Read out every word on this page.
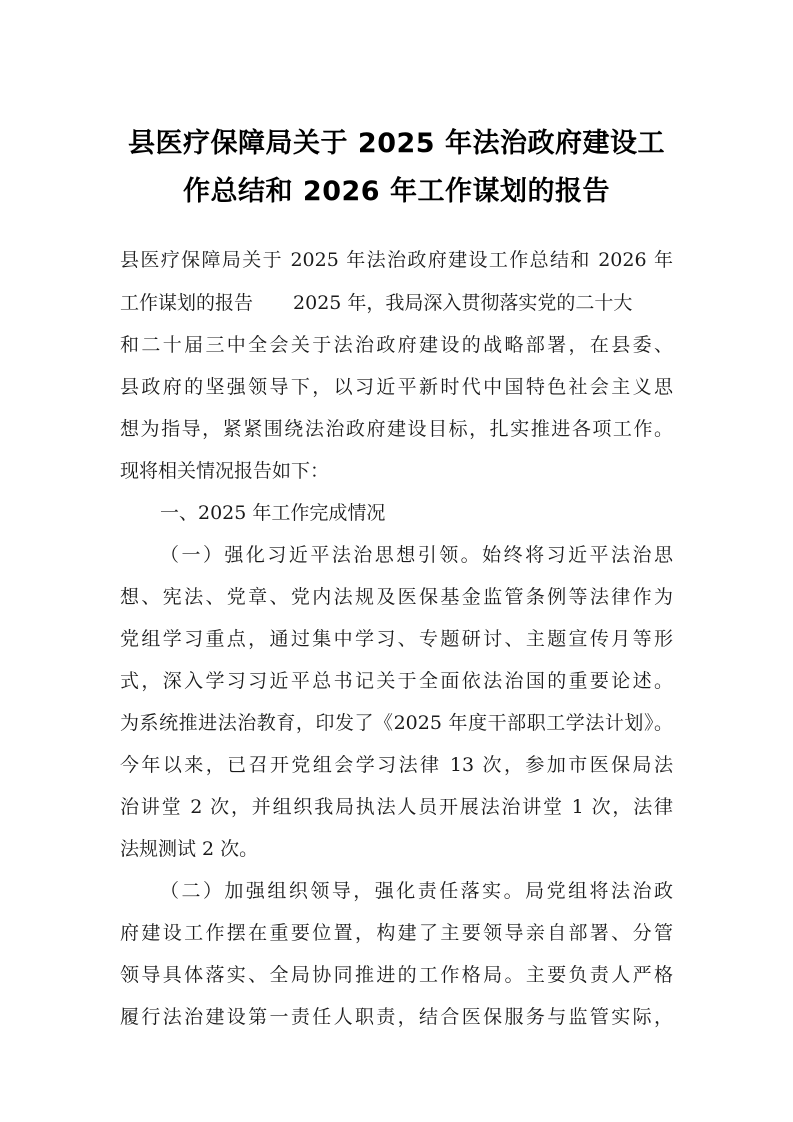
县医疗保障局关于 2025 年法治政府建设工
作总结和 2026 年工作谋划的报告
县医疗保障局关于 2025 年法治政府建设工作总结和 2026 年
工作谋划的报告 2025 年，我局深入贯彻落实党的二十大
和二十届三中全会关于法治政府建设的战略部署，在县委、
县政府的坚强领导下，以习近平新时代中国特色社会主义思
想为指导，紧紧围绕法治政府建设目标，扎实推进各项工作。
现将相关情况报告如下：
一、2025 年工作完成情况
（一）强化习近平法治思想引领。始终将习近平法治思
想、宪法、党章、党内法规及医保基金监管条例等法律作为
党组学习重点，通过集中学习、专题研讨、主题宣传月等形
式，深入学习习近平总书记关于全面依法治国的重要论述。
为系统推进法治教育，印发了《2025 年度干部职工学法计划》。
今年以来，已召开党组会学习法律 13 次，参加市医保局法
治讲堂 2 次，并组织我局执法人员开展法治讲堂 1 次，法律
法规测试 2 次。
（二）加强组织领导，强化责任落实。局党组将法治政
府建设工作摆在重要位置，构建了主要领导亲自部署、分管
领导具体落实、全局协同推进的工作格局。主要负责人严格
履行法治建设第一责任人职责，结合医保服务与监管实际，
